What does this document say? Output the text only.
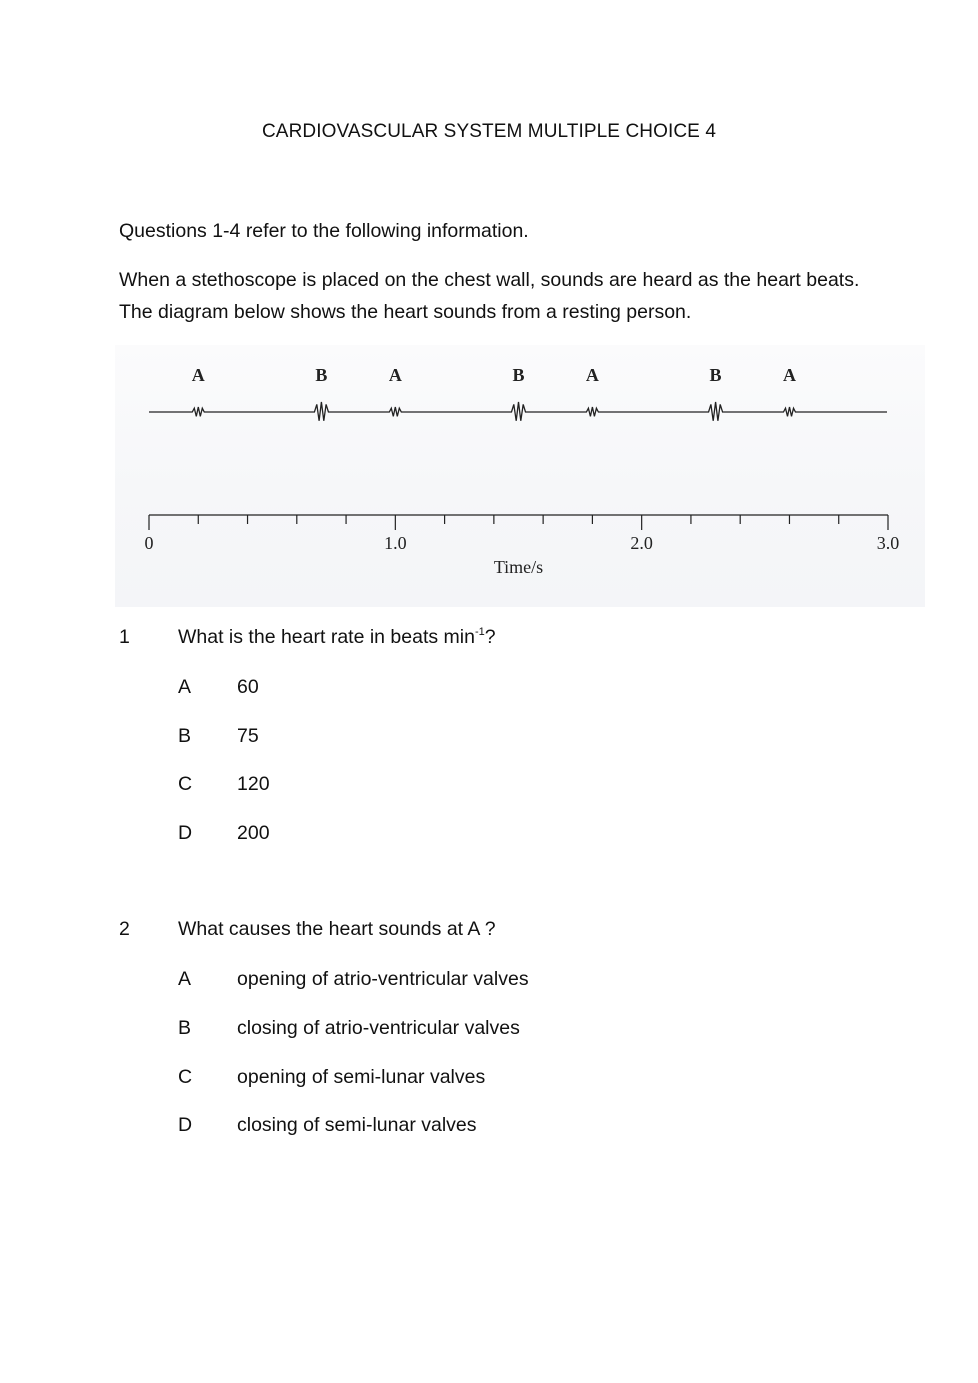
CARDIOVASCULAR SYSTEM MULTIPLE CHOICE 4
Questions 1-4 refer to the following information.
When a stethoscope is placed on the chest wall, sounds are heard as the heart beats. The diagram below shows the heart sounds from a resting person.
A	B	A	B	A	B	A
0	1.0	2.0	3.0
Time/s
1 What is the heart rate in beats $\min^{-1}$?
A 60
B 75
C 120
D 200
2 What causes the heart sounds at A ?
A opening of atrio-ventricular valves
B closing of atrio-ventricular valves
C opening of semi-lunar valves
D closing of semi-lunar valves
